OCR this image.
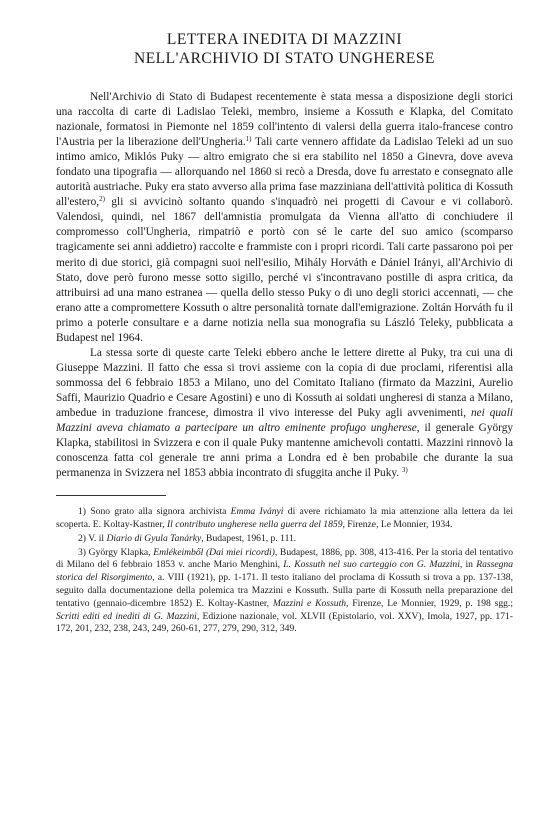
LETTERA INEDITA DI MAZZINI
NELL'ARCHIVIO DI STATO UNGHERESE

Nell'Archivio di Stato di Budapest recentemente è stata messa a disposizione degli storici una raccolta di carte di Ladislao Teleki, membro, insieme a Kossuth e Klapka, del Comitato nazionale, formatosi in Piemonte nel 1859 coll'intento di valersi della guerra italo-francese contro l'Austria per la liberazione dell'Ungheria.$^{1)}$ Tali carte vennero affidate da Ladislao Teleki ad un suo intimo amico, Miklós Puky — altro emigrato che si era stabilito nel 1850 a Ginevra, dove aveva fondato una tipografia — allorquando nel 1860 si recò a Dresda, dove fu arrestato e consegnato alle autorità austriache. Puky era stato avverso alla prima fase mazziniana dell'attività politica di Kossuth all'estero,$^{2)}$ gli si avvicinò soltanto quando s'inquadrò nei progetti di Cavour e vi collaborò. Valendosi, quindi, nel 1867 dell'amnistia promulgata da Vienna all'atto di conchiudere il compromesso coll'Ungheria, rimpatriò e portò con sé le carte del suo amico (scomparso tragicamente sei anni addietro) raccolte e frammiste con i propri ricordi. Tali carte passarono poi per merito di due storici, già compagni suoi nell'esilio, Mihály Horváth e Dániel Irányi, all'Archivio di Stato, dove però furono messe sotto sigillo, perché vi s'incontravano postille di aspra critica, da attribuirsi ad una mano estranea — quella dello stesso Puky o di uno degli storici accennati, — che erano atte a compromettere Kossuth o altre personalità tornate dall'emigrazione. Zoltán Horváth fu il primo a poterle consultare e a darne notizia nella sua monografia su László Teleky, pubblicata a Budapest nel 1964.

La stessa sorte di queste carte Teleki ebbero anche le lettere dirette al Puky, tra cui una di Giuseppe Mazzini. Il fatto che essa si trovi assieme con la copia di due proclami, riferentisi alla sommossa del 6 febbraio 1853 a Milano, uno del Comitato Italiano (firmato da Mazzini, Aurelio Saffi, Maurizio Quadrio e Cesare Agostini) e uno di Kossuth ai soldati ungheresi di stanza a Milano, ambedue in traduzione francese, dimostra il vivo interesse del Puky agli avvenimenti, nei quali Mazzini aveva chiamato a partecipare un altro eminente profugo ungherese, il generale György Klapka, stabilitosi in Svizzera e con il quale Puky mantenne amichevoli contatti. Mazzini rinnovò la conoscenza fatta col generale tre anni prima a Londra ed è ben probabile che durante la sua permanenza in Svizzera nel 1853 abbia incontrato di sfuggita anche il Puky. $^{3)}$

1) Sono grato alla signora archivista Emma Iványi di avere richiamato la mia attenzione alla lettera da lei scoperta. E. Koltay-Kastner, Il contributo ungherese nella guerra del 1859, Firenze, Le Monnier, 1934.

2) V. il Diario di Gyula Tanárky, Budapest, 1961, p. 111.

3) György Klapka, Emlékeimből (Dai miei ricordi), Budapest, 1886, pp. 308, 413-416. Per la storia del tentativo di Milano del 6 febbraio 1853 v. anche Mario Menghini, L. Kossuth nel suo carteggio con G. Mazzini, in Rassegna storica del Risorgimento, a. VIII (1921), pp. 1-171. Il testo italiano del proclama di Kossuth si trova a pp. 137-138, seguito dalla documentazione della polemica tra Mazzini e Kossuth. Sulla parte di Kossuth nella preparazione del tentativo (gennaio-dicembre 1852) E. Koltay-Kastner, Mazzini e Kossuth, Firenze, Le Monnier, 1929, p. 198 sgg.; Scritti editi ed inediti di G. Mazzini, Edizione nazionale, vol. XLVII (Epistolario, vol. XXV), Imola, 1927, pp. 171-172, 201, 232, 238, 243, 249, 260-61, 277, 279, 290, 312, 349.
